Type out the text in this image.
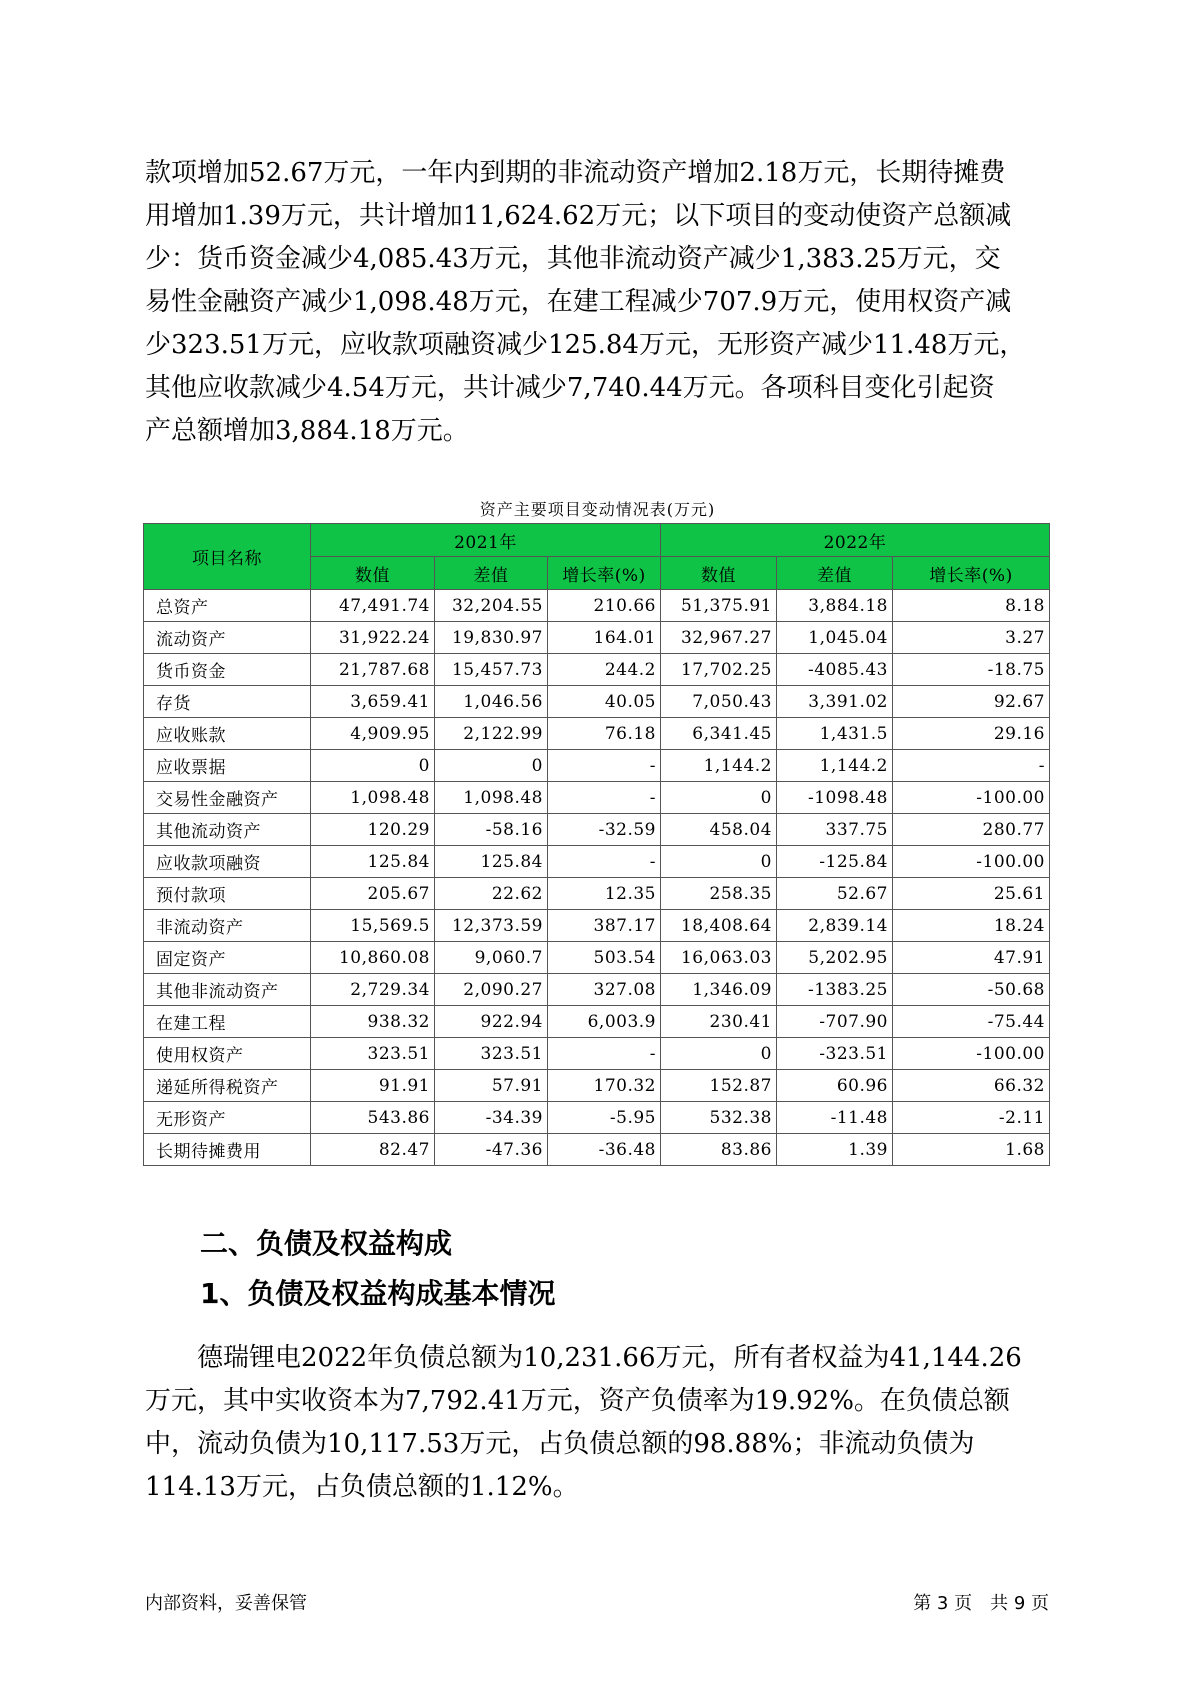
款项增加52.67万元，一年内到期的非流动资产增加2.18万元，长期待摊费
用增加1.39万元，共计增加11,624.62万元；以下项目的变动使资产总额减
少：货币资金减少4,085.43万元，其他非流动资产减少1,383.25万元，交
易性金融资产减少1,098.48万元，在建工程减少707.9万元，使用权资产减
少323.51万元，应收款项融资减少125.84万元，无形资产减少11.48万元，
其他应收款减少4.54万元，共计减少7,740.44万元。各项科目变化引起资
产总额增加3,884.18万元。
资产主要项目变动情况表(万元)
项目名称	2021年			2022年		
	数值	差值	增长率(%)	数值	差值	增长率(%)
总资产	47,491.74	32,204.55	210.66	51,375.91	3,884.18	8.18
流动资产	31,922.24	19,830.97	164.01	32,967.27	1,045.04	3.27
货币资金	21,787.68	15,457.73	244.2	17,702.25	-4085.43	-18.75
存货	3,659.41	1,046.56	40.05	7,050.43	3,391.02	92.67
应收账款	4,909.95	2,122.99	76.18	6,341.45	1,431.5	29.16
应收票据	0	0	-	1,144.2	1,144.2	-
交易性金融资产	1,098.48	1,098.48	-	0	-1098.48	-100.00
其他流动资产	120.29	-58.16	-32.59	458.04	337.75	280.77
应收款项融资	125.84	125.84	-	0	-125.84	-100.00
预付款项	205.67	22.62	12.35	258.35	52.67	25.61
非流动资产	15,569.5	12,373.59	387.17	18,408.64	2,839.14	18.24
固定资产	10,860.08	9,060.7	503.54	16,063.03	5,202.95	47.91
其他非流动资产	2,729.34	2,090.27	327.08	1,346.09	-1383.25	-50.68
在建工程	938.32	922.94	6,003.9	230.41	-707.90	-75.44
使用权资产	323.51	323.51	-	0	-323.51	-100.00
递延所得税资产	91.91	57.91	170.32	152.87	60.96	66.32
无形资产	543.86	-34.39	-5.95	532.38	-11.48	-2.11
长期待摊费用	82.47	-47.36	-36.48	83.86	1.39	1.68
二、负债及权益构成
1、负债及权益构成基本情况
　　德瑞锂电2022年负债总额为10,231.66万元，所有者权益为41,144.26
万元，其中实收资本为7,792.41万元，资产负债率为19.92%。在负债总额
中，流动负债为10,117.53万元，占负债总额的98.88%；非流动负债为
114.13万元，占负债总额的1.12%。
内部资料，妥善保管	第 3 页　共 9 页
